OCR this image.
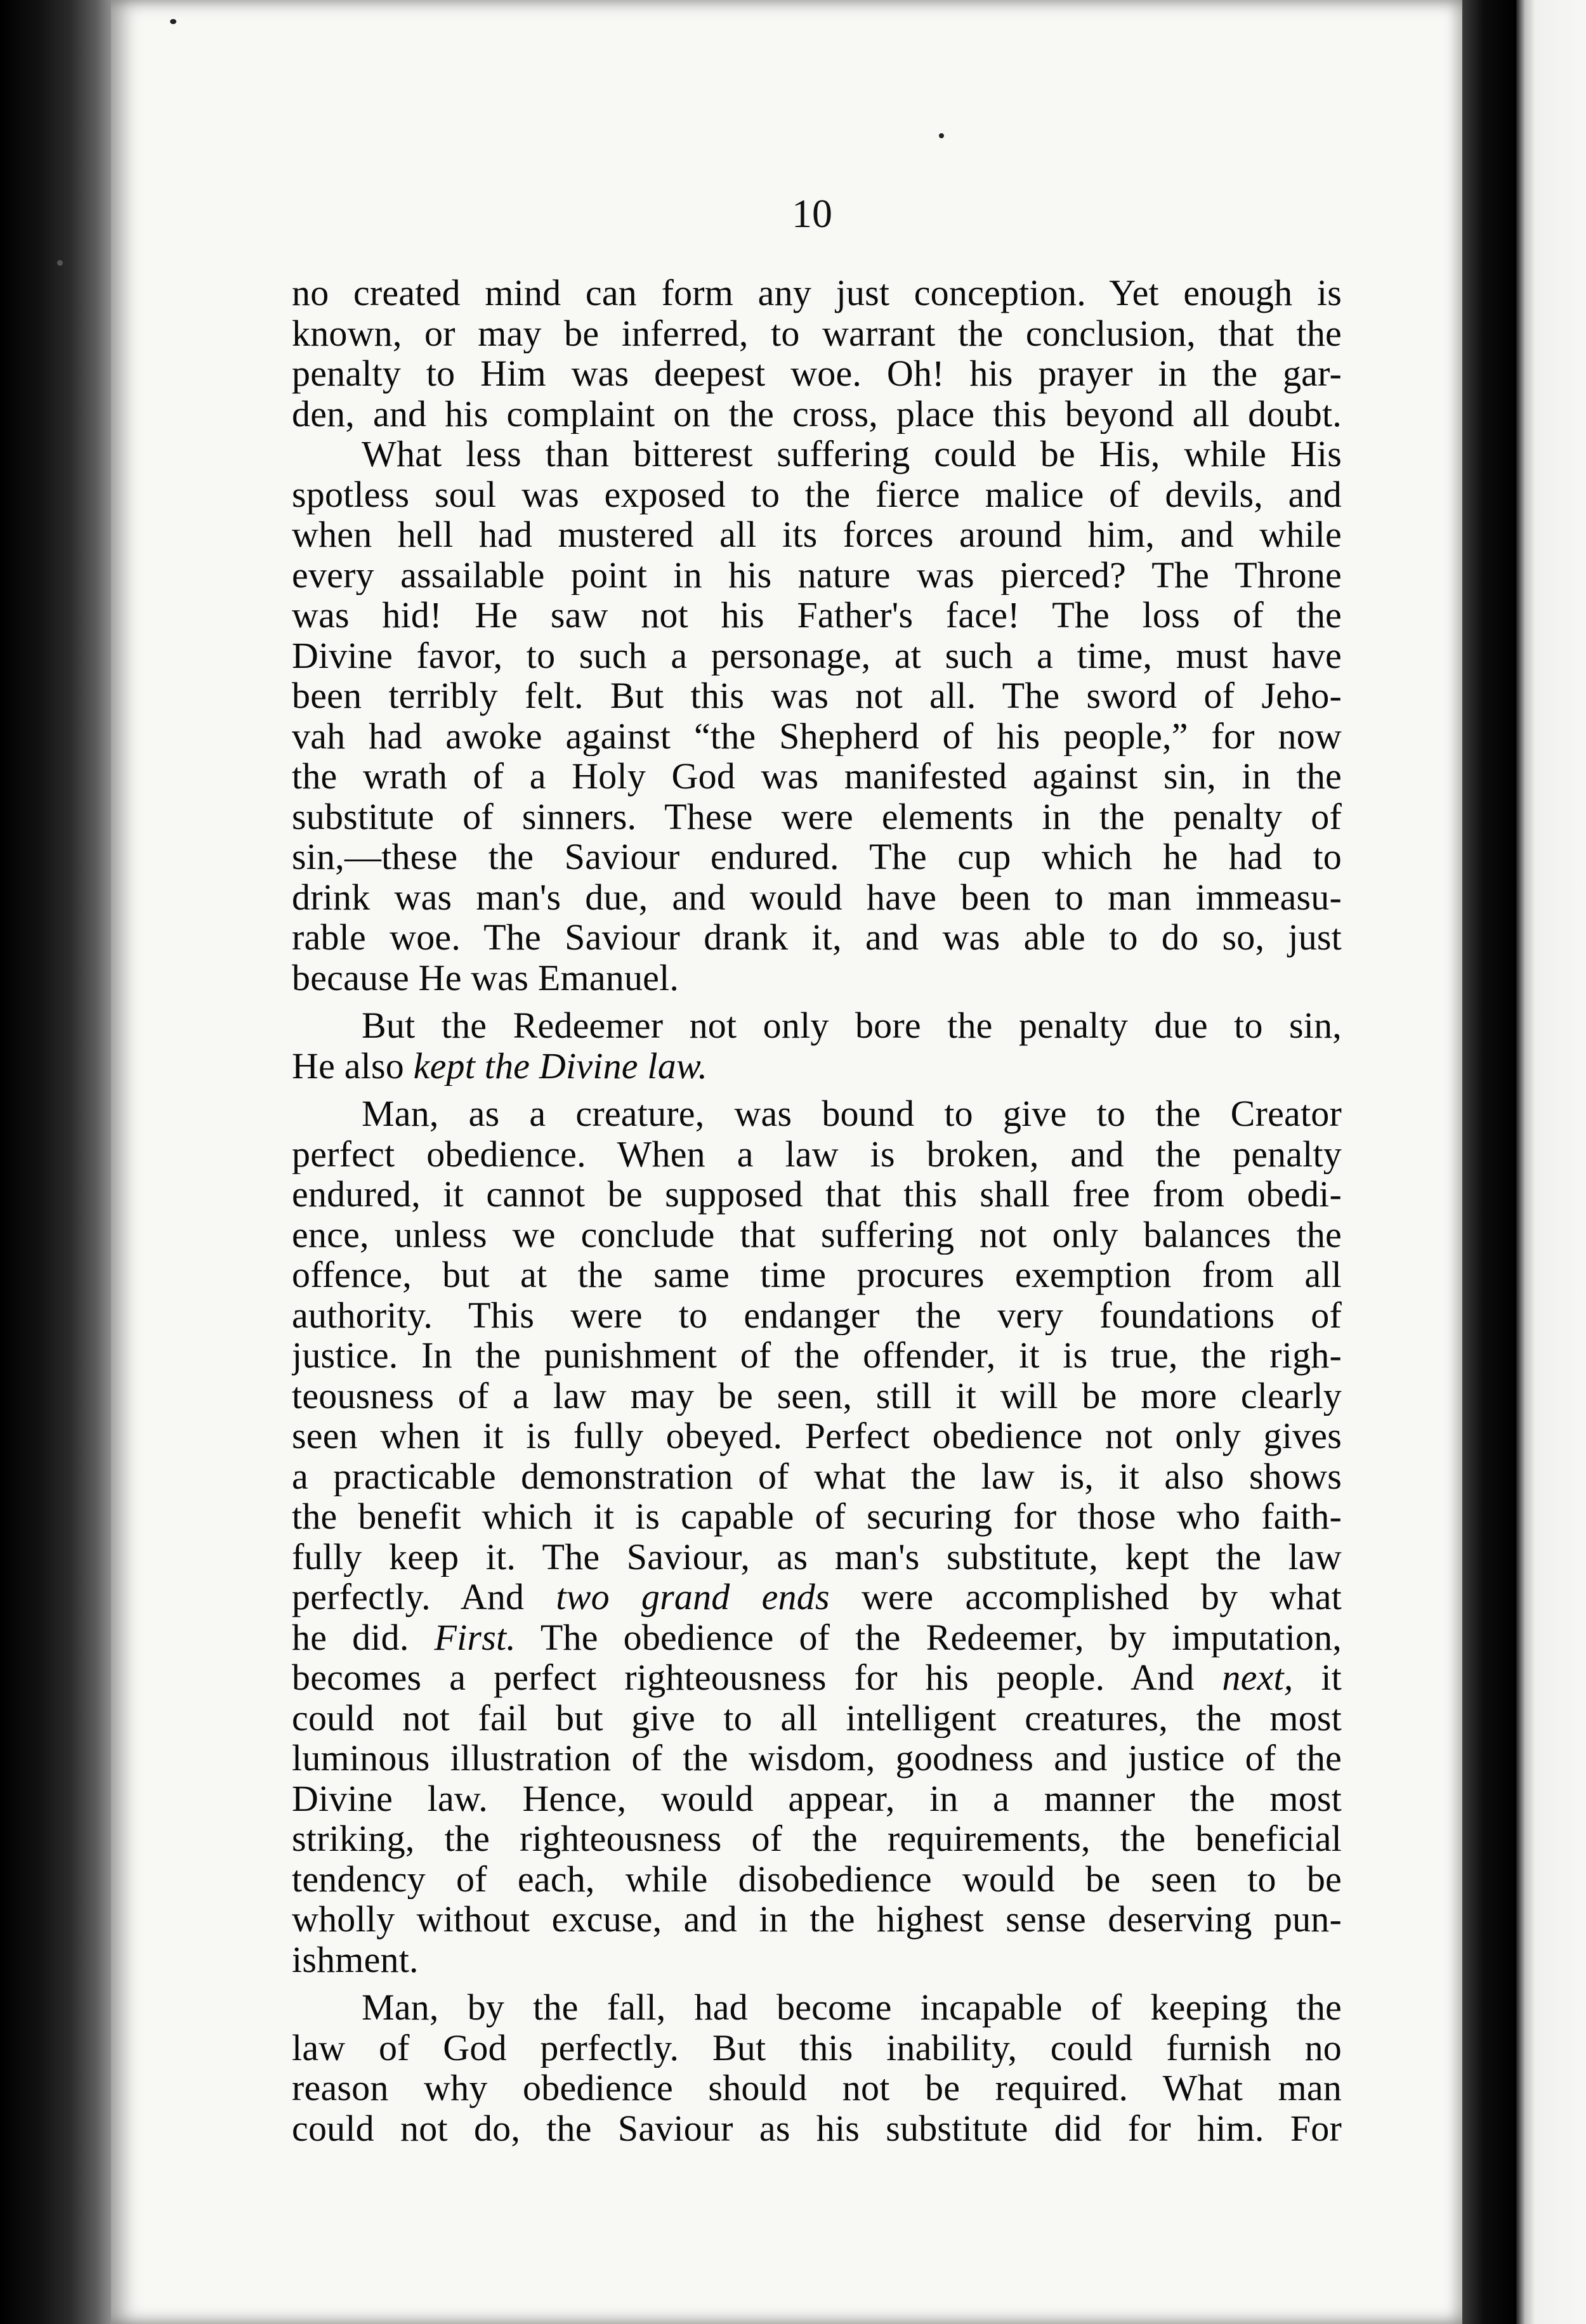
10
no created mind can form any just conception. Yet enough is
known, or may be inferred, to warrant the conclusion, that the
penalty to Him was deepest woe. Oh! his prayer in the gar-
den, and his complaint on the cross, place this beyond all doubt.
What less than bitterest suffering could be His, while His
spotless soul was exposed to the fierce malice of devils, and
when hell had mustered all its forces around him, and while
every assailable point in his nature was pierced? The Throne
was hid! He saw not his Father's face! The loss of the
Divine favor, to such a personage, at such a time, must have
been terribly felt. But this was not all. The sword of Jeho-
vah had awoke against “the Shepherd of his people,” for now
the wrath of a Holy God was manifested against sin, in the
substitute of sinners. These were elements in the penalty of
sin,—these the Saviour endured. The cup which he had to
drink was man's due, and would have been to man immeasu-
rable woe. The Saviour drank it, and was able to do so, just
because He was Emanuel.
But the Redeemer not only bore the penalty due to sin,
He also kept the Divine law.
Man, as a creature, was bound to give to the Creator
perfect obedience. When a law is broken, and the penalty
endured, it cannot be supposed that this shall free from obedi-
ence, unless we conclude that suffering not only balances the
offence, but at the same time procures exemption from all
authority. This were to endanger the very foundations of
justice. In the punishment of the offender, it is true, the righ-
teousness of a law may be seen, still it will be more clearly
seen when it is fully obeyed. Perfect obedience not only gives
a practicable demonstration of what the law is, it also shows
the benefit which it is capable of securing for those who faith-
fully keep it. The Saviour, as man's substitute, kept the law
perfectly. And two grand ends were accomplished by what
he did. First. The obedience of the Redeemer, by imputation,
becomes a perfect righteousness for his people. And next, it
could not fail but give to all intelligent creatures, the most
luminous illustration of the wisdom, goodness and justice of the
Divine law. Hence, would appear, in a manner the most
striking, the righteousness of the requirements, the beneficial
tendency of each, while disobedience would be seen to be
wholly without excuse, and in the highest sense deserving pun-
ishment.
Man, by the fall, had become incapable of keeping the
law of God perfectly. But this inability, could furnish no
reason why obedience should not be required. What man
could not do, the Saviour as his substitute did for him. For
